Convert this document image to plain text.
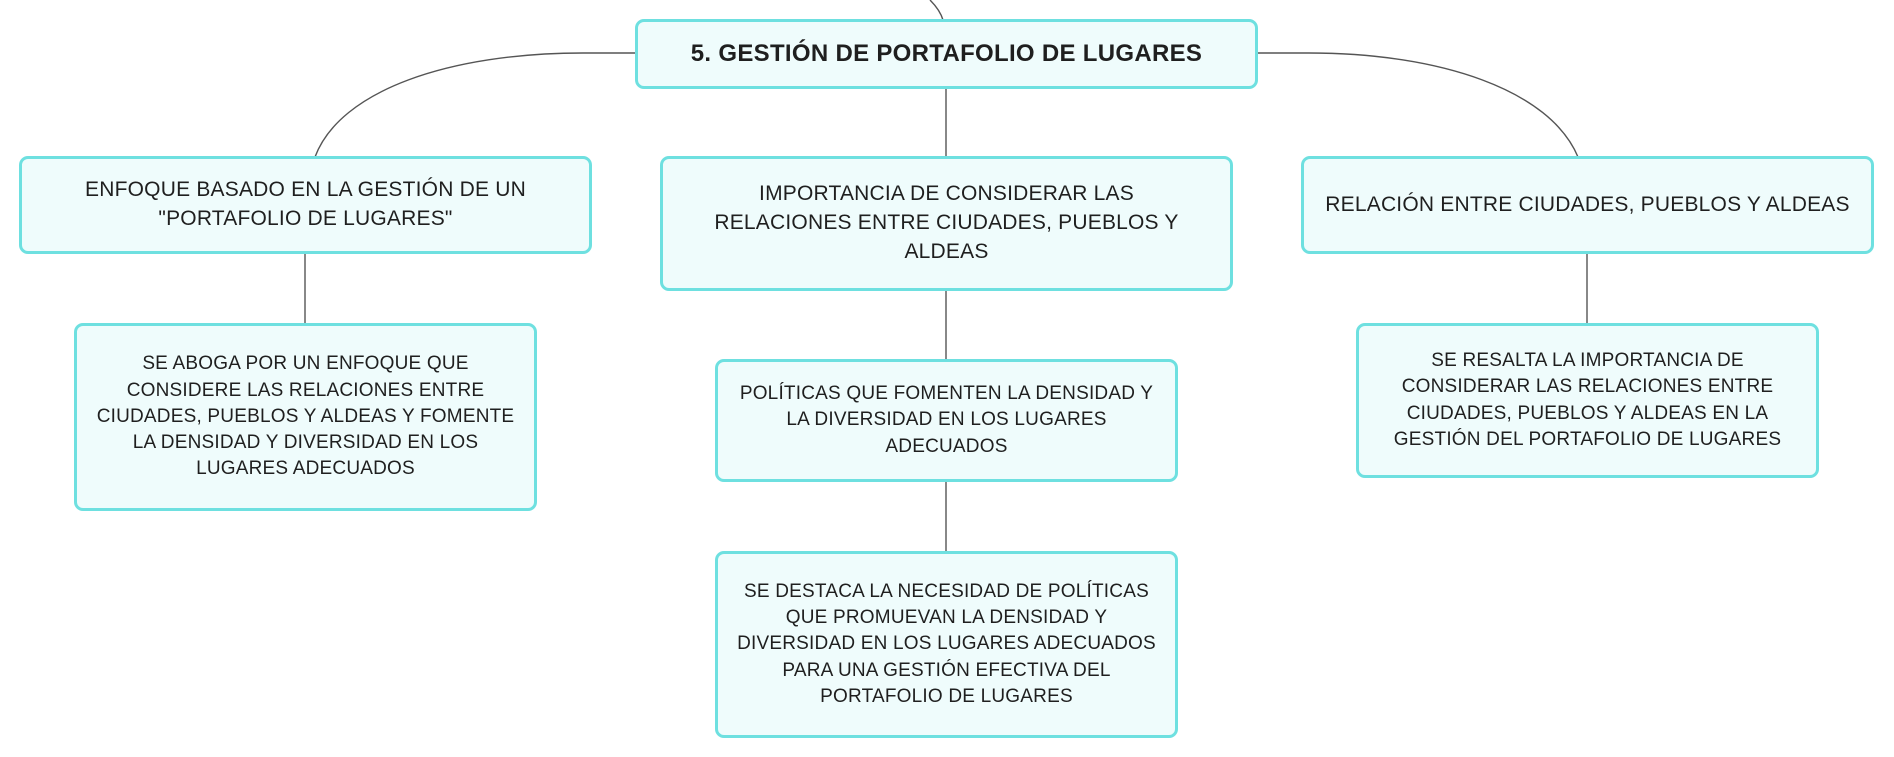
5. GESTIÓN DE PORTAFOLIO DE LUGARES
ENFOQUE BASADO EN LA GESTIÓN DE UN "PORTAFOLIO DE LUGARES"
IMPORTANCIA DE CONSIDERAR LAS RELACIONES ENTRE CIUDADES, PUEBLOS Y ALDEAS
RELACIÓN ENTRE CIUDADES, PUEBLOS Y ALDEAS
SE ABOGA POR UN ENFOQUE QUE CONSIDERE LAS RELACIONES ENTRE CIUDADES, PUEBLOS Y ALDEAS Y FOMENTE LA DENSIDAD Y DIVERSIDAD EN LOS LUGARES ADECUADOS
POLÍTICAS QUE FOMENTEN LA DENSIDAD Y LA DIVERSIDAD EN LOS LUGARES ADECUADOS
SE DESTACA LA NECESIDAD DE POLÍTICAS QUE PROMUEVAN LA DENSIDAD Y DIVERSIDAD EN LOS LUGARES ADECUADOS PARA UNA GESTIÓN EFECTIVA DEL PORTAFOLIO DE LUGARES
SE RESALTA LA IMPORTANCIA DE CONSIDERAR LAS RELACIONES ENTRE CIUDADES, PUEBLOS Y ALDEAS EN LA GESTIÓN DEL PORTAFOLIO DE LUGARES
